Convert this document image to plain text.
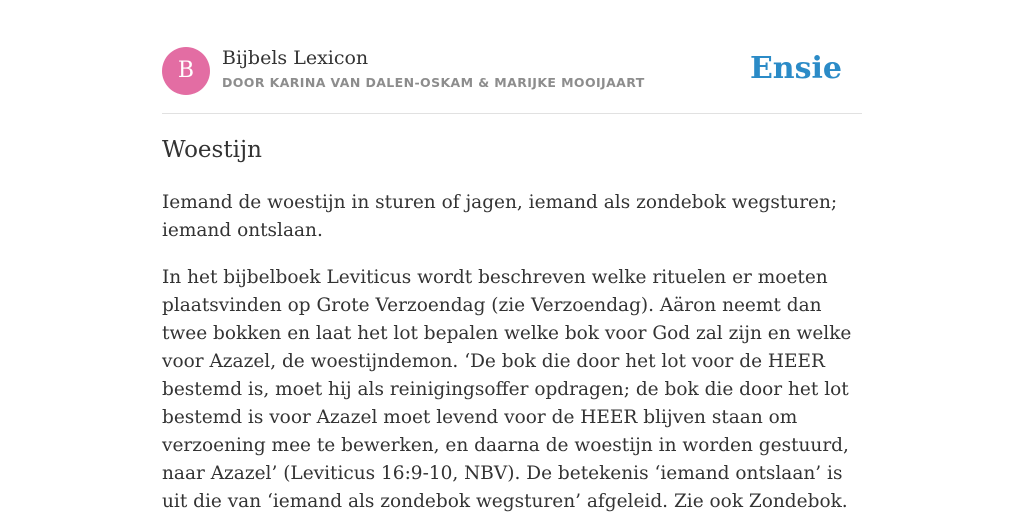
B	Bijbels Lexicon
DOOR KARINA VAN DALEN-OSKAM & MARIJKE MOOIJAART	Ensie
Woestijn

Iemand de woestijn in sturen of jagen, iemand als zondebok wegsturen; iemand ontslaan.

In het bijbelboek Leviticus wordt beschreven welke rituelen er moeten plaatsvinden op Grote Verzoendag (zie Verzoendag). Aäron neemt dan twee bokken en laat het lot bepalen welke bok voor God zal zijn en welke voor Azazel, de woestijndemon. ‘De bok die door het lot voor de HEER bestemd is, moet hij als reinigingsoffer opdragen; de bok die door het lot bestemd is voor Azazel moet levend voor de HEER blijven staan om verzoening mee te bewerken, en daarna de woestijn in worden gestuurd, naar Azazel’ (Leviticus 16:9-10, NBV). De betekenis ‘iemand ontslaan’ is uit die van ‘iemand als zondebok wegsturen’ afgeleid. Zie ook Zondebok.
